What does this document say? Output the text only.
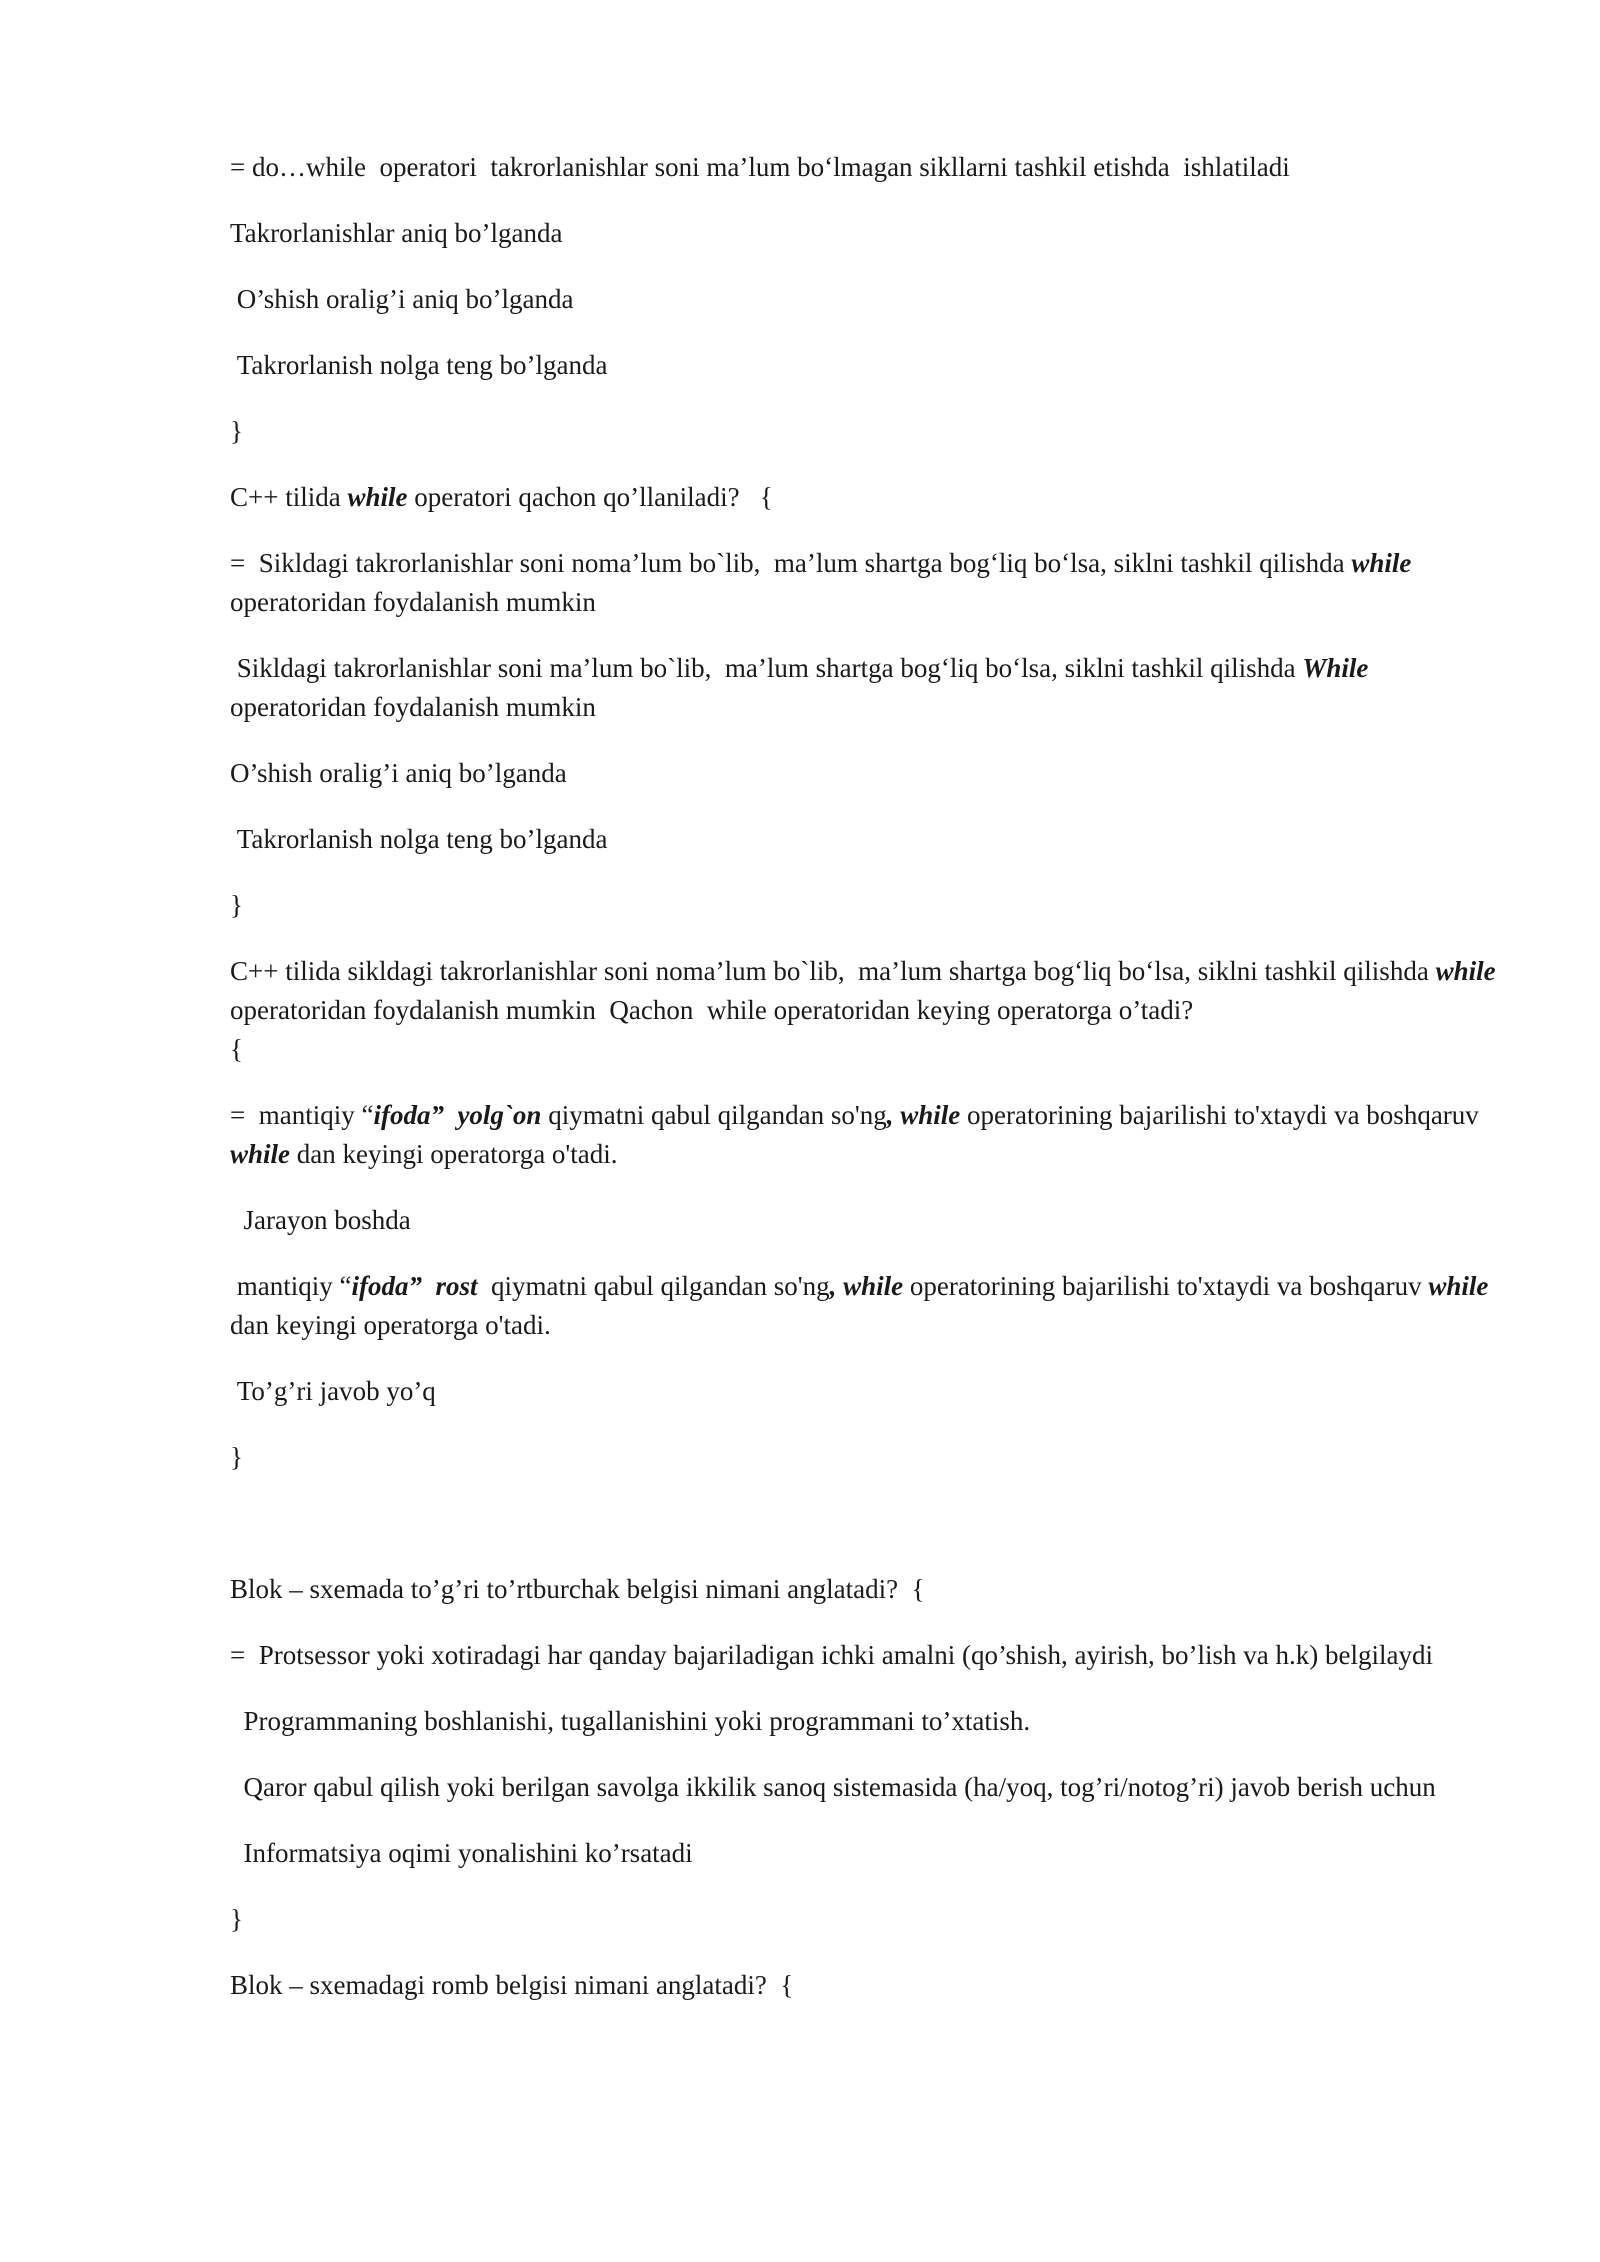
= do…while  operatori  takrorlanishlar soni ma’lum bo‘lmagan sikllarni tashkil etishda  ishlatiladi

Takrorlanishlar aniq bo’lganda

O’shish oralig’i aniq bo’lganda

Takrorlanish nolga teng bo’lganda

}

C++ tilida while operatori qachon qo’llaniladi?   {

=  Sikldagi takrorlanishlar soni noma’lum bo`lib,  ma’lum shartga bog‘liq bo‘lsa, siklni tashkil qilishda while operatoridan foydalanish mumkin

Sikldagi takrorlanishlar soni ma’lum bo`lib,  ma’lum shartga bog‘liq bo‘lsa, siklni tashkil qilishda While operatoridan foydalanish mumkin

O’shish oralig’i aniq bo’lganda

Takrorlanish nolga teng bo’lganda

}

C++ tilida sikldagi takrorlanishlar soni noma’lum bo`lib,  ma’lum shartga bog‘liq bo‘lsa, siklni tashkil qilishda while operatoridan foydalanish mumkin  Qachon  while operatoridan keying operatorga o’tadi?
{

=  mantiqiy “ifoda”  yolg`on qiymatni qabul qilgandan so'ng, while operatorining bajarilishi to'xtaydi va boshqaruv while dan keyingi operatorga o'tadi.

Jarayon boshda

mantiqiy “ifoda”  rost  qiymatni qabul qilgandan so'ng, while operatorining bajarilishi to'xtaydi va boshqaruv while dan keyingi operatorga o'tadi.

To’g’ri javob yo’q

}

Blok – sxemada to’g’ri to’rtburchak belgisi nimani anglatadi?  {

=  Protsessor yoki xotiradagi har qanday bajariladigan ichki amalni (qo’shish, ayirish, bo’lish va h.k) belgilaydi

Programmaning boshlanishi, tugallanishini yoki programmani to’xtatish.

Qaror qabul qilish yoki berilgan savolga ikkilik sanoq sistemasida (ha/yoq, tog’ri/notog’ri) javob berish uchun

Informatsiya oqimi yonalishini ko’rsatadi

}

Blok – sxemadagi romb belgisi nimani anglatadi?  {
